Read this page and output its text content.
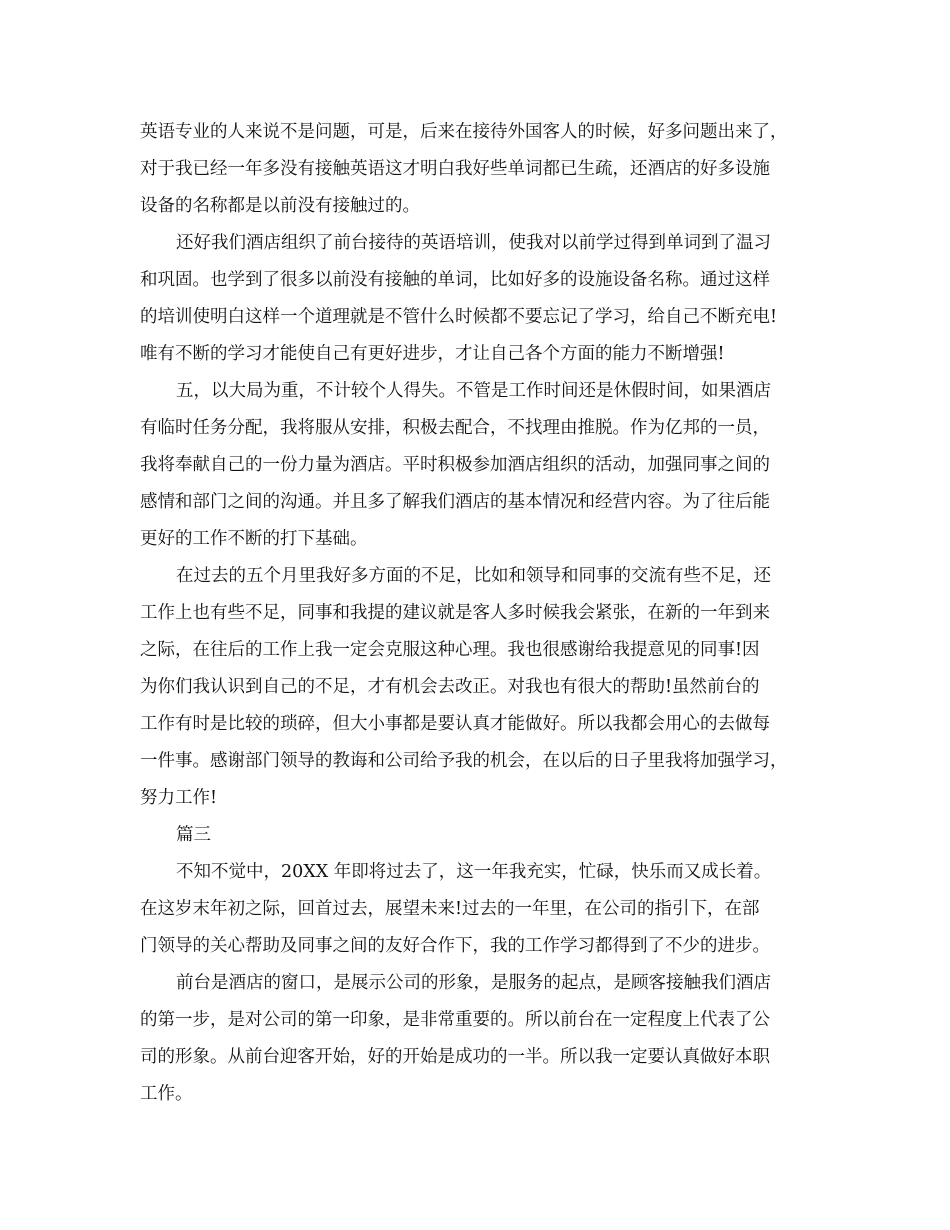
英语专业的人来说不是问题，可是，后来在接待外国客人的时候，好多问题出来了，
对于我已经一年多没有接触英语这才明白我好些单词都已生疏，还酒店的好多设施
设备的名称都是以前没有接触过的。
还好我们酒店组织了前台接待的英语培训，使我对以前学过得到单词到了温习
和巩固。也学到了很多以前没有接触的单词，比如好多的设施设备名称。通过这样
的培训使明白这样一个道理就是不管什么时候都不要忘记了学习，给自己不断充电!
唯有不断的学习才能使自己有更好进步，才让自己各个方面的能力不断增强!
五，以大局为重，不计较个人得失。不管是工作时间还是休假时间，如果酒店
有临时任务分配，我将服从安排，积极去配合，不找理由推脱。作为亿邦的一员，
我将奉献自己的一份力量为酒店。平时积极参加酒店组织的活动，加强同事之间的
感情和部门之间的沟通。并且多了解我们酒店的基本情况和经营内容。为了往后能
更好的工作不断的打下基础。
在过去的五个月里我好多方面的不足，比如和领导和同事的交流有些不足，还
工作上也有些不足，同事和我提的建议就是客人多时候我会紧张，在新的一年到来
之际，在往后的工作上我一定会克服这种心理。我也很感谢给我提意见的同事!因
为你们我认识到自己的不足，才有机会去改正。对我也有很大的帮助!虽然前台的
工作有时是比较的琐碎，但大小事都是要认真才能做好。所以我都会用心的去做每
一件事。感谢部门领导的教诲和公司给予我的机会，在以后的日子里我将加强学习，
努力工作!
篇三
不知不觉中，20XX 年即将过去了，这一年我充实，忙碌，快乐而又成长着。
在这岁末年初之际，回首过去，展望未来!过去的一年里，在公司的指引下，在部
门领导的关心帮助及同事之间的友好合作下，我的工作学习都得到了不少的进步。
前台是酒店的窗口，是展示公司的形象，是服务的起点，是顾客接触我们酒店
的第一步，是对公司的第一印象，是非常重要的。所以前台在一定程度上代表了公
司的形象。从前台迎客开始，好的开始是成功的一半。所以我一定要认真做好本职
工作。
